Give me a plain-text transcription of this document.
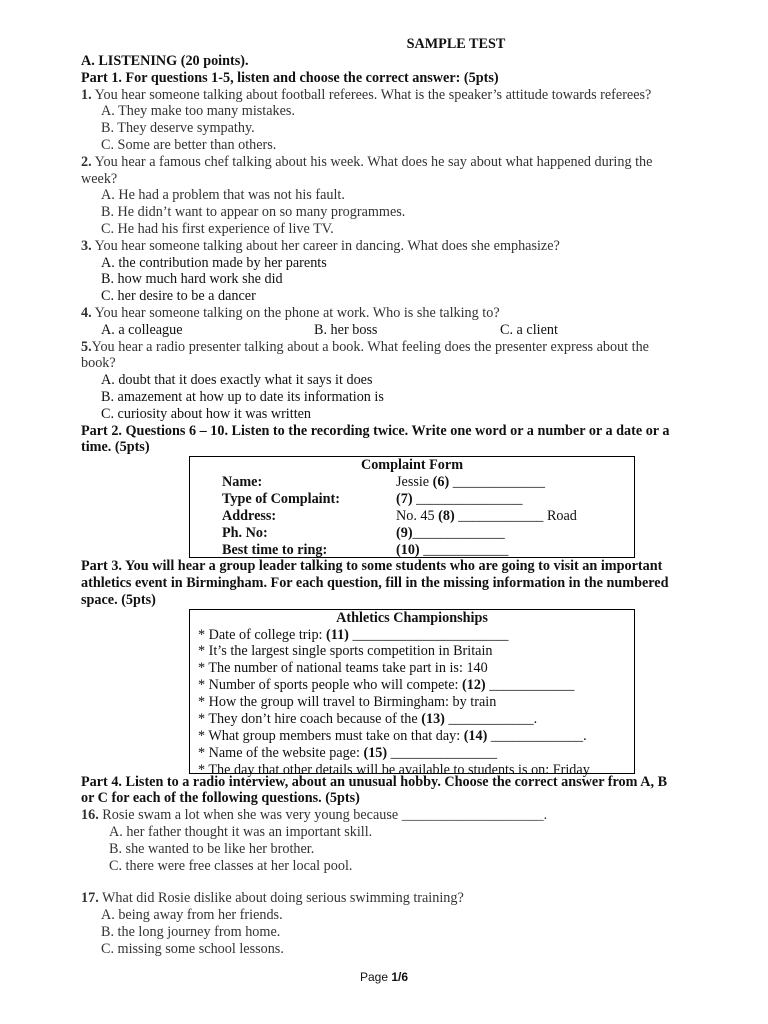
SAMPLE TEST
A. LISTENING (20 points).
Part 1. For questions 1-5, listen and choose the correct answer: (5pts)
1. You hear someone talking about football referees. What is the speaker’s attitude towards referees?
A. They make too many mistakes.
B. They deserve sympathy.
C. Some are better than others.
2. You hear a famous chef talking about his week. What does he say about what happened during the
week?
A. He had a problem that was not his fault.
B. He didn’t want to appear on so many programmes.
C. He had his first experience of live TV.
3. You hear someone talking about her career in dancing. What does she emphasize?
A. the contribution made by her parents
B. how much hard work she did
C. her desire to be a dancer
4. You hear someone talking on the phone at work. Who is she talking to?
A. a colleague	B. her boss	C. a client
5.You hear a radio presenter talking about a book. What feeling does the presenter express about the
book?
A. doubt that it does exactly what it says it does
B. amazement at how up to date its information is
C. curiosity about how it was written
Part 2. Questions 6 – 10. Listen to the recording twice. Write one word or a number or a date or a
time. (5pts)
Complaint Form
Name:	Jessie (6) _____________
Type of Complaint:	(7) _______________
Address:	No. 45 (8) ____________ Road
Ph. No:	(9)_____________
Best time to ring:	(10) ____________
Part 3. You will hear a group leader talking to some students who are going to visit an important
athletics event in Birmingham. For each question, fill in the missing information in the numbered
space. (5pts)
Athletics Championships
* Date of college trip: (11) ______________________
* It’s the largest single sports competition in Britain
* The number of national teams take part in is: 140
* Number of sports people who will compete: (12) ____________
* How the group will travel to Birmingham: by train
* They don’t hire coach because of the (13) ____________.
* What group members must take on that day: (14) _____________.
* Name of the website page: (15) _______________
* The day that other details will be available to students is on: Friday
Part 4. Listen to a radio interview, about an unusual hobby. Choose the correct answer from A, B
or C for each of the following questions. (5pts)
16. Rosie swam a lot when she was very young because ____________________.
A. her father thought it was an important skill.
B. she wanted to be like her brother.
C. there were free classes at her local pool.
17. What did Rosie dislike about doing serious swimming training?
A. being away from her friends.
B. the long journey from home.
C. missing some school lessons.
Page 1/6
